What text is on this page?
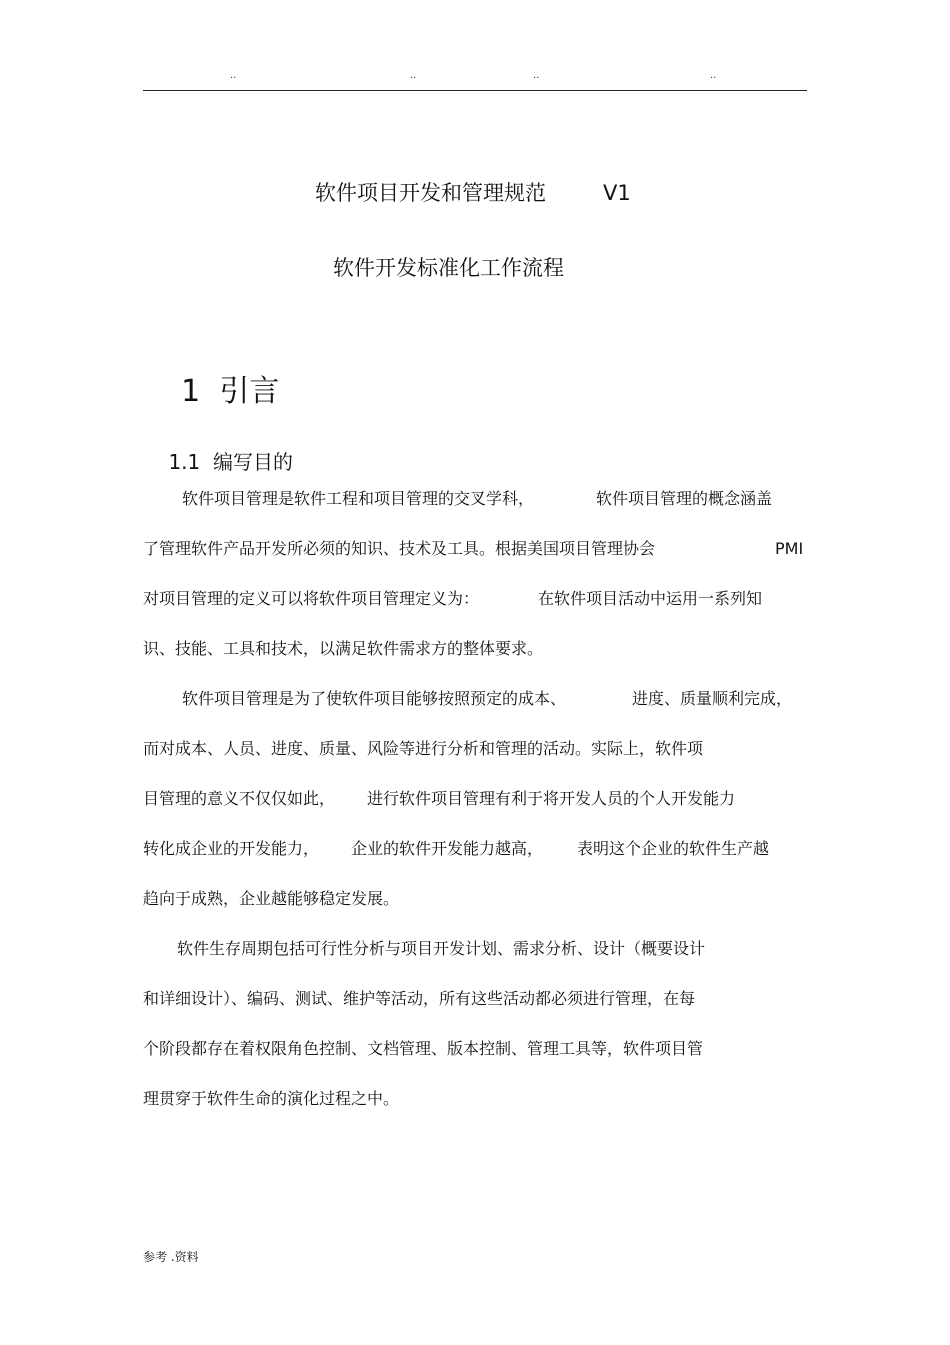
..	..	..	..
软件项目开发和管理规范	V1
软件开发标准化工作流程

1 引言

1.1 编写目的

软件项目管理是软件工程和项目管理的交叉学科，	软件项目管理的概念涵盖
了管理软件产品开发所必须的知识、技术及工具。根据美国项目管理协会	PMI
对项目管理的定义可以将软件项目管理定义为：	在软件项目活动中运用一系列知
识、技能、工具和技术，以满足软件需求方的整体要求。
软件项目管理是为了使软件项目能够按照预定的成本、	进度、质量顺利完成，
而对成本、人员、进度、质量、风险等进行分析和管理的活动。实际上，软件项
目管理的意义不仅仅如此， 进行软件项目管理有利于将开发人员的个人开发能力
转化成企业的开发能力， 企业的软件开发能力越高， 表明这个企业的软件生产越
趋向于成熟，企业越能够稳定发展。
软件生存周期包括可行性分析与项目开发计划、需求分析、设计（概要设计
和详细设计）、编码、测试、维护等活动，所有这些活动都必须进行管理，在每
个阶段都存在着权限角色控制、文档管理、版本控制、管理工具等，软件项目管
理贯穿于软件生命的演化过程之中。
参考 .资料
